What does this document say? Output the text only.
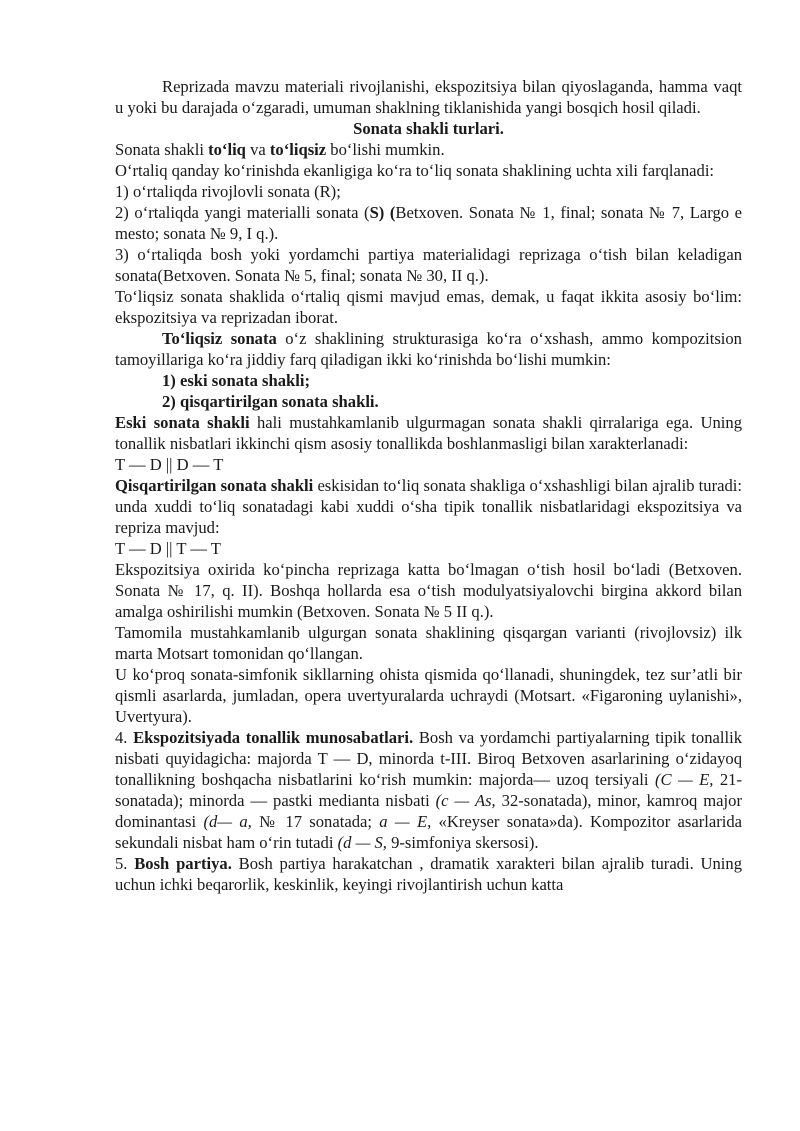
Reprizada mavzu materiali rivojlanishi, ekspozitsiya bilan qiyoslaganda, hamma vaqt u yoki bu darajada o‘zgaradi, umuman shaklning tiklanishida yangi bosqich hosil qiladi.

Sonata shakli turlari.

Sonata shakli to‘liq va to‘liqsiz bo‘lishi mumkin.

O‘rtaliq qanday ko‘rinishda ekanligiga ko‘ra to‘liq sonata shaklining uchta xili farqlanadi:

1) o‘rtaliqda rivojlovli sonata (R);

2) o‘rtaliqda yangi materialli sonata (S) (Betxoven. Sonata № 1, final; sonata № 7, Largo e mesto; sonata № 9, I q.).

3) o‘rtaliqda bosh yoki yordamchi partiya materialidagi reprizaga o‘tish bilan keladigan sonata(Betxoven. Sonata № 5, final; sonata № 30, II q.).

To‘liqsiz sonata shaklida o‘rtaliq qismi mavjud emas, demak, u faqat ikkita asosiy bo‘lim: ekspozitsiya va reprizadan iborat.

To‘liqsiz sonata o‘z shaklining strukturasiga ko‘ra o‘xshash, ammo kompozitsion tamoyillariga ko‘ra jiddiy farq qiladigan ikki ko‘rinishda bo‘lishi mumkin:

1) eski sonata shakli;

2) qisqartirilgan sonata shakli.

Eski sonata shakli hali mustahkamlanib ulgurmagan sonata shakli qirralariga ega. Uning tonallik nisbatlari ikkinchi qism asosiy tonallikda boshlanmasligi bilan xarakterlanadi:

T — D || D — T

Qisqartirilgan sonata shakli eskisidan to‘liq sonata shakliga o‘xshashligi bilan ajralib turadi: unda xuddi to‘liq sonatadagi kabi xuddi o‘sha tipik tonallik nisbatlaridagi ekspozitsiya va repriza mavjud:

T — D || T — T

Ekspozitsiya oxirida ko‘pincha reprizaga katta bo‘lmagan o‘tish hosil bo‘ladi (Betxoven. Sonata № 17, q. II). Boshqa hollarda esa o‘tish modulyatsiyalovchi birgina akkord bilan amalga oshirilishi mumkin (Betxoven. Sonata № 5 II q.).

Tamomila mustahkamlanib ulgurgan sonata shaklining qisqargan varianti (rivojlovsiz) ilk marta Motsart tomonidan qo‘llangan.

U ko‘proq sonata-simfonik sikllarning ohista qismida qo‘llanadi, shuningdek, tez sur’atli bir qismli asarlarda, jumladan, opera uvertyuralarda uchraydi (Motsart. «Figaroning uylanishi», Uvertyura).

4. Ekspozitsiyada tonallik munosabatlari. Bosh va yordamchi partiyalarning tipik tonallik nisbati quyidagicha: majorda T — D, minorda t-III. Biroq Betxoven asarlarining o‘zidayoq tonallikning boshqacha nisbatlarini ko‘rish mumkin: majorda— uzoq tersiyali (C — E, 21- sonatada); minorda — pastki medianta nisbati (c — As, 32-sonatada), minor, kamroq major dominantasi (d— a, № 17 sonatada; a — E, «Kreyser sonata»da). Kompozitor asarlarida sekundali nisbat ham o‘rin tutadi (d — S, 9-simfoniya skersosi).

5. Bosh partiya. Bosh partiya harakatchan , dramatik xarakteri bilan ajralib turadi. Uning uchun ichki beqarorlik, keskinlik, keyingi rivojlantirish uchun katta
